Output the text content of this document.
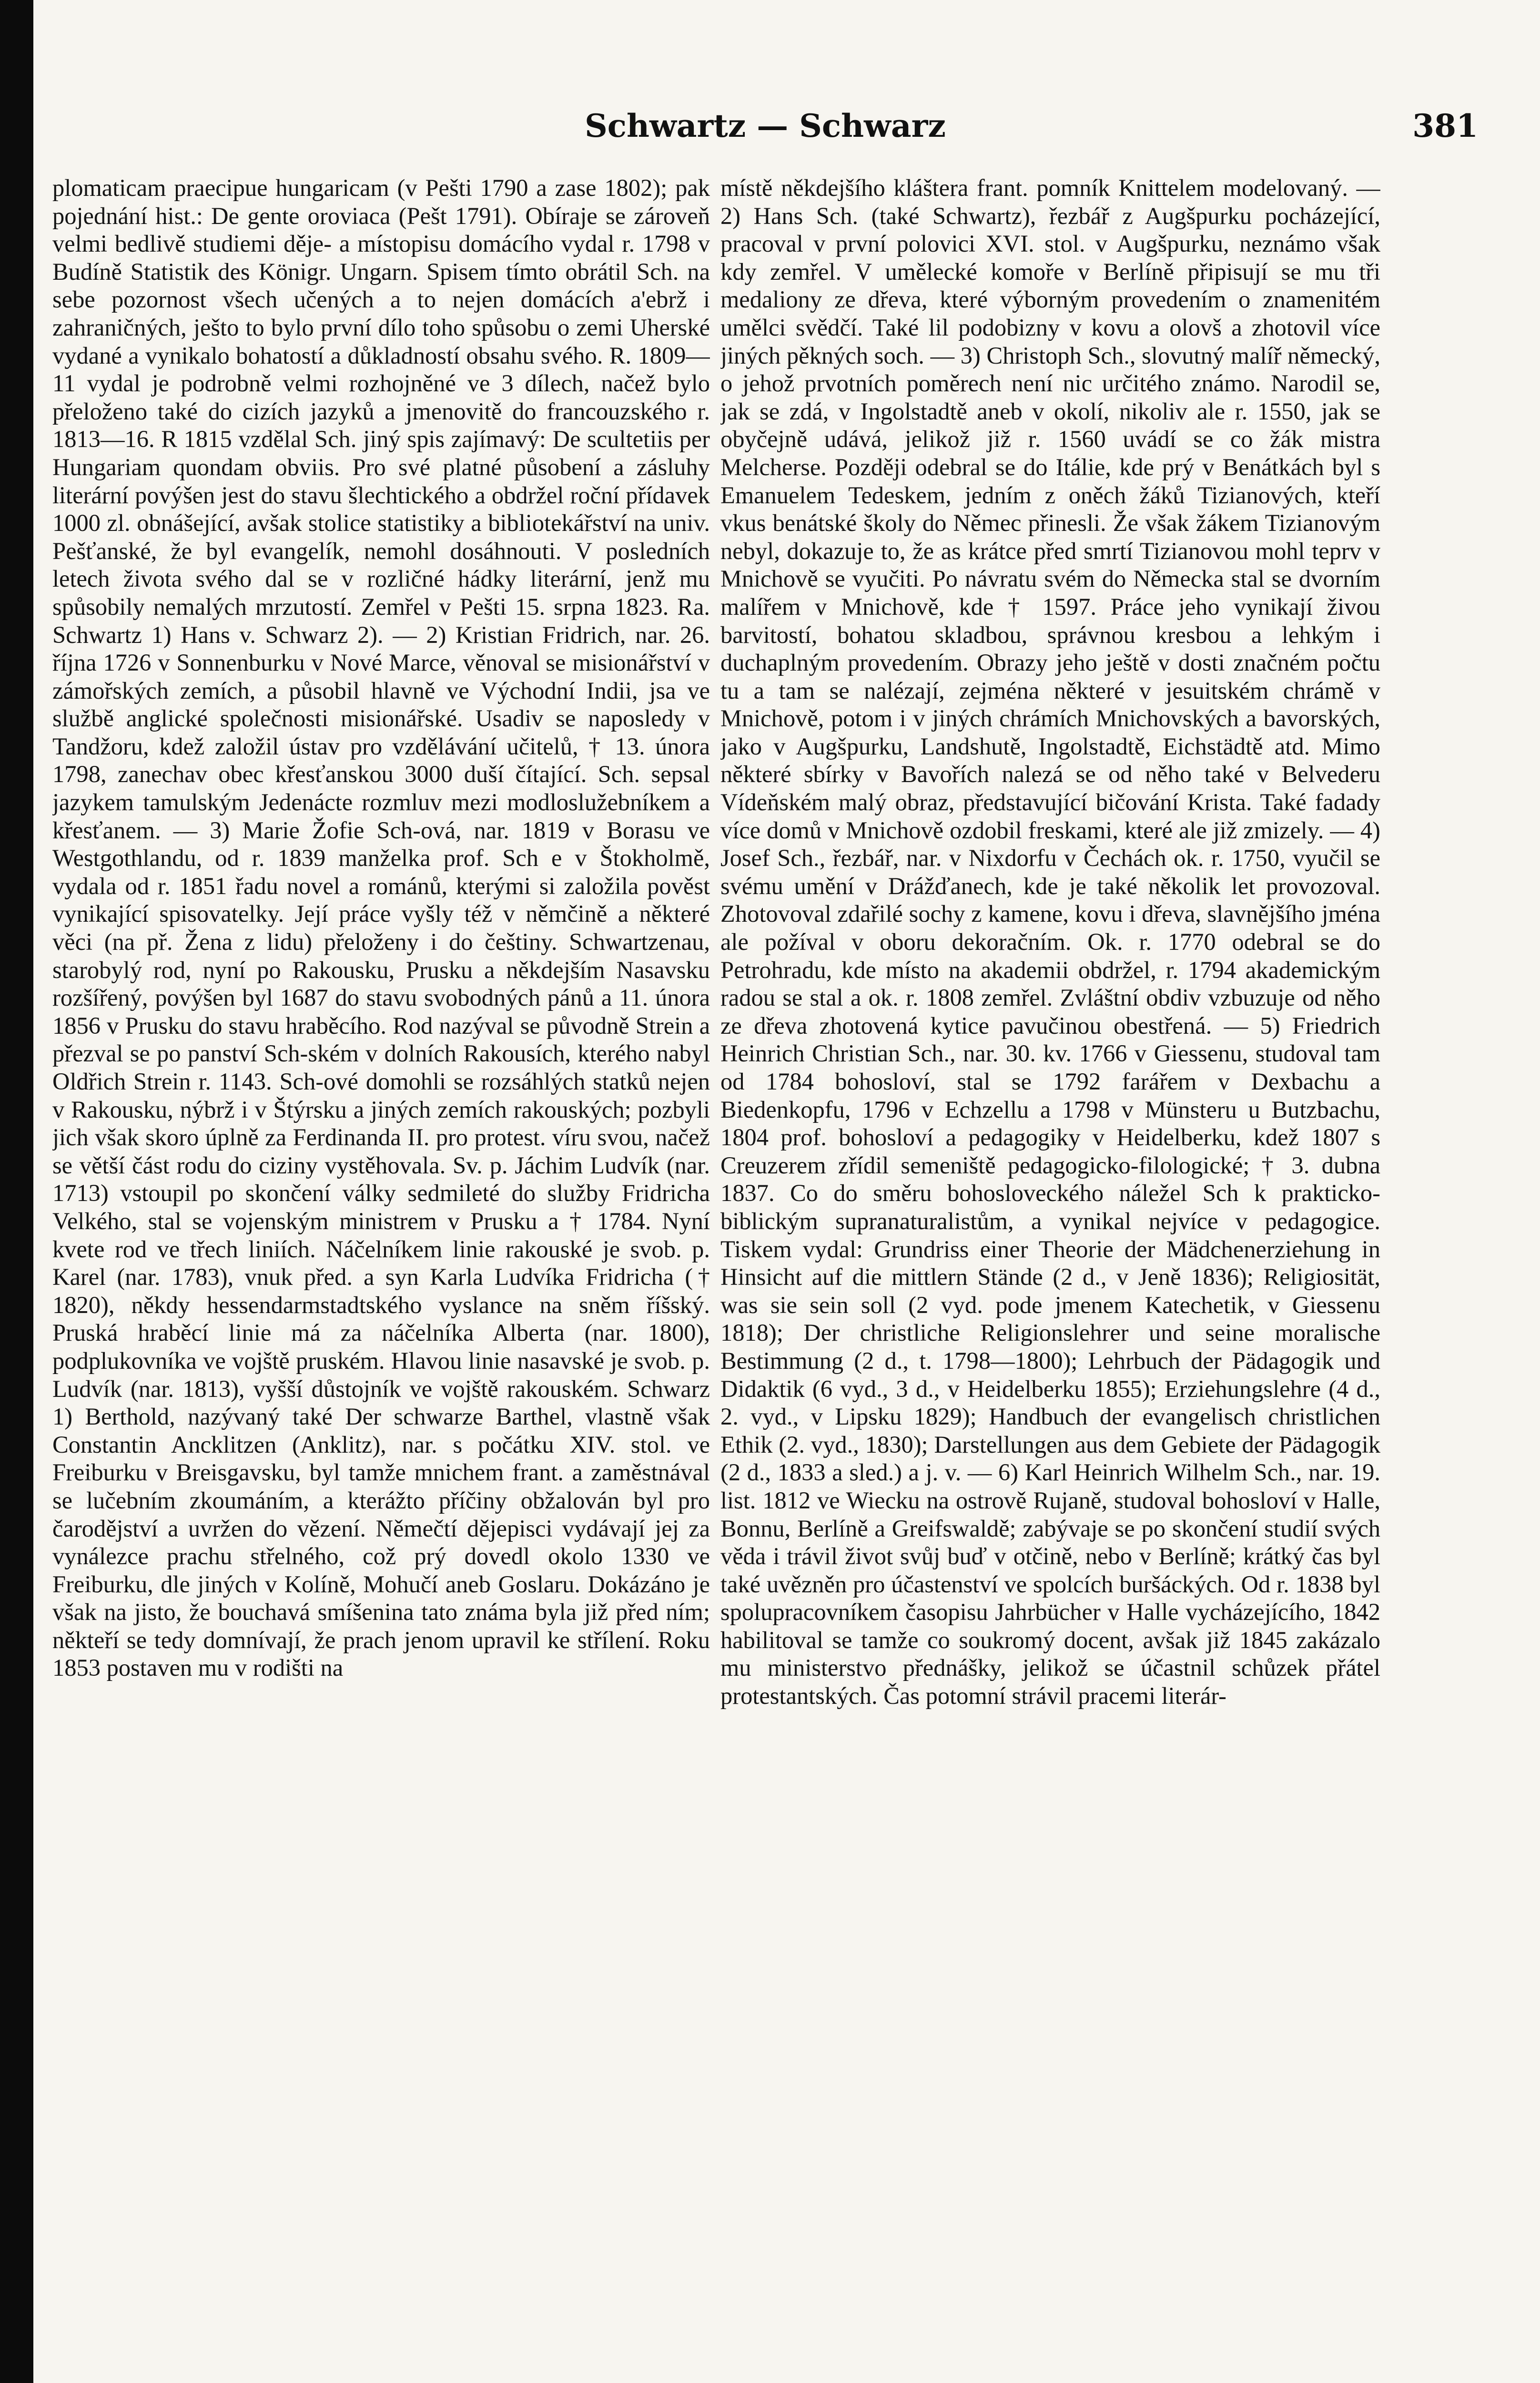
Schwartz — Schwarz	381

plomaticam praecipue hungaricam (v Pešti 1790 a zase 1802); pak pojednání hist.: De gente oroviaca (Pešt 1791). Obíraje se zároveň velmi bedlivě studiemi děje- a místopisu domácího vydal r. 1798 v Budíně Statistik des Königr. Ungarn. Spisem tímto obrátil Sch. na sebe pozornost všech učených a to nejen domácích a'ebrž i zahraničných, ješto to bylo první dílo toho spůsobu o zemi Uherské vydané a vynikalo bohatostí a důkladností obsahu svého. R. 1809—11 vydal je podrobně velmi rozhojněné ve 3 dílech, načež bylo přeloženo také do cizích jazyků a jmenovitě do francouzského r. 1813—16. R 1815 vzdělal Sch. jiný spis zajímavý: De scultetiis per Hungariam quondam obviis. Pro své platné působení a zásluhy literární povýšen jest do stavu šlechtického a obdržel roční přídavek 1000 zl. obnášející, avšak stolice statistiky a bibliotekářství na univ. Pešťanské, že byl evangelík, nemohl dosáhnouti. V posledních letech života svého dal se v rozličné hádky literární, jenž mu spůsobily nemalých mrzutostí. Zemřel v Pešti 15. srpna 1823. Ra. Schwartz 1) Hans v. Schwarz 2). — 2) Kristian Fridrich, nar. 26. října 1726 v Sonnenburku v Nové Marce, věnoval se misionářství v zámořských zemích, a působil hlavně ve Východní Indii, jsa ve službě anglické společnosti misionářské. Usadiv se naposledy v Tandžoru, kdež založil ústav pro vzdělávání učitelů, † 13. února 1798, zanechav obec křesťanskou 3000 duší čítající. Sch. sepsal jazykem tamulským Jedenácte rozmluv mezi modloslužebníkem a křesťanem. — 3) Marie Žofie Sch-ová, nar. 1819 v Borasu ve Westgothlandu, od r. 1839 manželka prof. Sch e v Štokholmě, vydala od r. 1851 řadu novel a románů, kterými si založila pověst vynikající spisovatelky. Její práce vyšly též v němčině a některé věci (na př. Žena z lidu) přeloženy i do češtiny. Schwartzenau, starobylý rod, nyní po Rakousku, Prusku a někdejším Nasavsku rozšířený, povýšen byl 1687 do stavu svobodných pánů a 11. února 1856 v Prusku do stavu hraběcího. Rod nazýval se původně Strein a přezval se po panství Sch-ském v dolních Rakousích, kterého nabyl Oldřich Strein r. 1143. Sch-ové domohli se rozsáhlých statků nejen v Rakousku, nýbrž i v Štýrsku a jiných zemích rakouských; pozbyli jich však skoro úplně za Ferdinanda II. pro protest. víru svou, načež se větší část rodu do ciziny vystěhovala. Sv. p. Jáchim Ludvík (nar. 1713) vstoupil po skončení války sedmileté do služby Fridricha Velkého, stal se vojenským ministrem v Prusku a † 1784. Nyní kvete rod ve třech liniích. Náčelníkem linie rakouské je svob. p. Karel (nar. 1783), vnuk před. a syn Karla Ludvíka Fridricha († 1820), někdy hessendarmstadtského vyslance na sněm říšský. Pruská hraběcí linie má za náčelníka Alberta (nar. 1800), podplukovníka ve vojště pruském. Hlavou linie nasavské je svob. p. Ludvík (nar. 1813), vyšší důstojník ve vojště rakouském. Schwarz 1) Berthold, nazývaný také Der schwarze Barthel, vlastně však Constantin Ancklitzen (Anklitz), nar. s počátku XIV. stol. ve Freiburku v Breisgavsku, byl tamže mnichem frant. a zaměstnával se lučebním zkoumáním, a kterážto příčiny obžalován byl pro čarodějství a uvržen do vězení. Němečtí dějepisci vydávají jej za vynálezce prachu střelného, což prý dovedl okolo 1330 ve Freiburku, dle jiných v Kolíně, Mohučí aneb Goslaru. Dokázáno je však na jisto, že bouchavá smíšenina tato známa byla již před ním; někteří se tedy domnívají, že prach jenom upravil ke střílení. Roku 1853 postaven mu v rodišti na

místě někdejšího kláštera frant. pomník Knittelem modelovaný. — 2) Hans Sch. (také Schwartz), řezbář z Augšpurku pocházející, pracoval v první polovici XVI. stol. v Augšpurku, neznámo však kdy zemřel. V umělecké komoře v Berlíně připisují se mu tři medaliony ze dřeva, které výborným provedením o znamenitém umělci svědčí. Také lil podobizny v kovu a olovš a zhotovil více jiných pěkných soch. — 3) Christoph Sch., slovutný malíř německý, o jehož prvotních poměrech není nic určitého známo. Narodil se, jak se zdá, v Ingolstadtě aneb v okolí, nikoliv ale r. 1550, jak se obyčejně udává, jelikož již r. 1560 uvádí se co žák mistra Melcherse. Později odebral se do Itálie, kde prý v Benátkách byl s Emanuelem Tedeskem, jedním z oněch žáků Tizianových, kteří vkus benátské školy do Němec přinesli. Že však žákem Tizianovým nebyl, dokazuje to, že as krátce před smrtí Tizianovou mohl teprv v Mnichově se vyučiti. Po návratu svém do Německa stal se dvorním malířem v Mnichově, kde † 1597. Práce jeho vynikají živou barvitostí, bohatou skladbou, správnou kresbou a lehkým i duchaplným provedením. Obrazy jeho ještě v dosti značném počtu tu a tam se nalézají, zejména některé v jesuitském chrámě v Mnichově, potom i v jiných chrámích Mnichovských a bavorských, jako v Augšpurku, Landshutě, Ingolstadtě, Eichstädtě atd. Mimo některé sbírky v Bavořích nalezá se od něho také v Belvederu Vídeňském malý obraz, představující bičování Krista. Také fadady více domů v Mnichově ozdobil freskami, které ale již zmizely. — 4) Josef Sch., řezbář, nar. v Nixdorfu v Čechách ok. r. 1750, vyučil se svému umění v Drážďanech, kde je také několik let provozoval. Zhotovoval zdařilé sochy z kamene, kovu i dřeva, slavnějšího jména ale požíval v oboru dekoračním. Ok. r. 1770 odebral se do Petrohradu, kde místo na akademii obdržel, r. 1794 akademickým radou se stal a ok. r. 1808 zemřel. Zvláštní obdiv vzbuzuje od něho ze dřeva zhotovená kytice pavučinou obestřená. — 5) Friedrich Heinrich Christian Sch., nar. 30. kv. 1766 v Giessenu, studoval tam od 1784 bohosloví, stal se 1792 farářem v Dexbachu a Biedenkopfu, 1796 v Echzellu a 1798 v Münsteru u Butzbachu, 1804 prof. bohosloví a pedagogiky v Heidelberku, kdež 1807 s Creuzerem zřídil semeniště pedagogicko-filologické; † 3. dubna 1837. Co do směru bohosloveckého náležel Sch k prakticko-biblickým supranaturalistům, a vynikal nejvíce v pedagogice. Tiskem vydal: Grundriss einer Theorie der Mädchenerziehung in Hinsicht auf die mittlern Stände (2 d., v Jeně 1836); Religiosität, was sie sein soll (2 vyd. pode jmenem Katechetik, v Giessenu 1818); Der christliche Religionslehrer und seine moralische Bestimmung (2 d., t. 1798—1800); Lehrbuch der Pädagogik und Didaktik (6 vyd., 3 d., v Heidelberku 1855); Erziehungslehre (4 d., 2. vyd., v Lipsku 1829); Handbuch der evangelisch christlichen Ethik (2. vyd., 1830); Darstellungen aus dem Gebiete der Pädagogik (2 d., 1833 a sled.) a j. v. — 6) Karl Heinrich Wilhelm Sch., nar. 19. list. 1812 ve Wiecku na ostrově Rujaně, studoval bohosloví v Halle, Bonnu, Berlíně a Greifswaldě; zabývaje se po skončení studií svých věda i trávil život svůj buď v otčině, nebo v Berlíně; krátký čas byl také uvězněn pro účastenství ve spolcích buršáckých. Od r. 1838 byl spolupracovníkem časopisu Jahrbücher v Halle vycházejícího, 1842 habilitoval se tamže co soukromý docent, avšak již 1845 zakázalo mu ministerstvo přednášky, jelikož se účastnil schůzek přátel protestantských. Čas potomní strávil pracemi literár-
